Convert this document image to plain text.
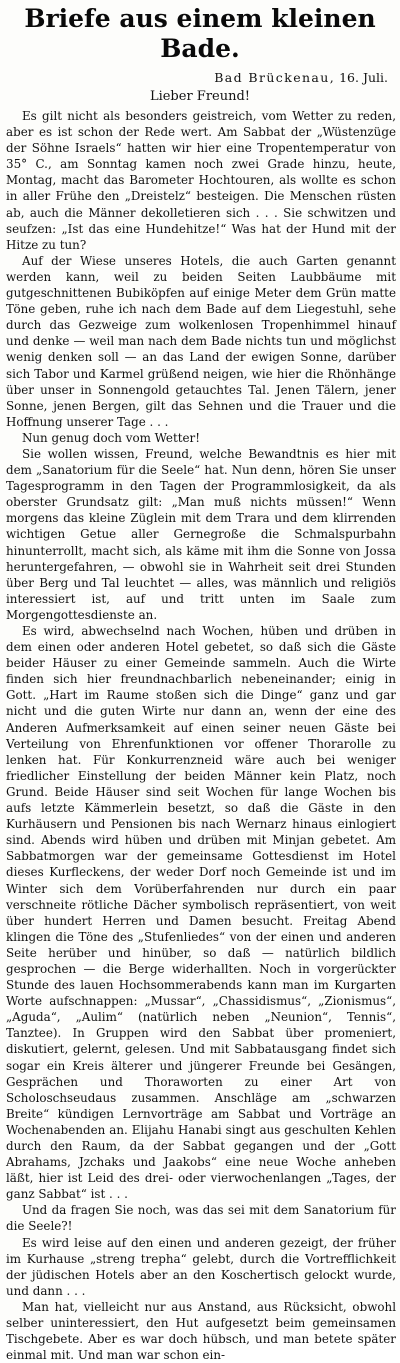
Briefe aus einem kleinen Bade.
Bad Brückenau, 16. Juli.
Lieber Freund!

Es gilt nicht als besonders geistreich, vom Wetter zu reden, aber es ist schon der Rede wert. Am Sabbat der „Wüstenzüge der Söhne Israels“ hatten wir hier eine Tropentemperatur von 35° C., am Sonntag kamen noch zwei Grade hinzu, heute, Montag, macht das Barometer Hochtouren, als wollte es schon in aller Frühe den „Dreistelz“ besteigen. Die Menschen rüsten ab, auch die Männer dekolletieren sich . . . Sie schwitzen und seufzen: „Ist das eine Hundehitze!“ Was hat der Hund mit der Hitze zu tun?

Auf der Wiese unseres Hotels, die auch Garten genannt werden kann, weil zu beiden Seiten Laubbäume mit gutgeschnittenen Bubiköpfen auf einige Meter dem Grün matte Töne geben, ruhe ich nach dem Bade auf dem Liegestuhl, sehe durch das Gezweige zum wolkenlosen Tropenhimmel hinauf und denke — weil man nach dem Bade nichts tun und möglichst wenig denken soll — an das Land der ewigen Sonne, darüber sich Tabor und Karmel grüßend neigen, wie hier die Rhönhänge über unser in Sonnengold getauchtes Tal. Jenen Tälern, jener Sonne, jenen Bergen, gilt das Sehnen und die Trauer und die Hoffnung unserer Tage . . .

Nun genug doch vom Wetter!

Sie wollen wissen, Freund, welche Bewandtnis es hier mit dem „Sanatorium für die Seele“ hat. Nun denn, hören Sie unser Tagesprogramm in den Tagen der Programmlosigkeit, da als oberster Grundsatz gilt: „Man muß nichts müssen!“ Wenn morgens das kleine Züglein mit dem Trara und dem klirrenden wichtigen Getue aller Gernegroße die Schmalspurbahn hinunterrollt, macht sich, als käme mit ihm die Sonne von Jossa heruntergefahren, — obwohl sie in Wahrheit seit drei Stunden über Berg und Tal leuchtet — alles, was männlich und religiös interessiert ist, auf und tritt unten im Saale zum Morgengottesdienste an.

Es wird, abwechselnd nach Wochen, hüben und drüben in dem einen oder anderen Hotel gebetet, so daß sich die Gäste beider Häuser zu einer Gemeinde sammeln. Auch die Wirte finden sich hier freundnachbarlich nebeneinander; einig in Gott. „Hart im Raume stoßen sich die Dinge“ ganz und gar nicht und die guten Wirte nur dann an, wenn der eine des Anderen Aufmerksamkeit auf einen seiner neuen Gäste bei Verteilung von Ehrenfunktionen vor offener Thorarolle zu lenken hat. Für Konkurrenzneid wäre auch bei weniger friedlicher Einstellung der beiden Männer kein Platz, noch Grund. Beide Häuser sind seit Wochen für lange Wochen bis aufs letzte Kämmerlein besetzt, so daß die Gäste in den Kurhäusern und Pensionen bis nach Wernarz hinaus einlogiert sind. Abends wird hüben und drüben mit Minjan gebetet. Am Sabbatmorgen war der gemeinsame Gottesdienst im Hotel dieses Kurfleckens, der weder Dorf noch Gemeinde ist und im Winter sich dem Vorüberfahrenden nur durch ein paar verschneite rötliche Dächer symbolisch repräsentiert, von weit über hundert Herren und Damen besucht. Freitag Abend klingen die Töne des „Stufenliedes“ von der einen und anderen Seite herüber und hinüber, so daß — natürlich bildlich gesprochen — die Berge widerhallten. Noch in vorgerückter Stunde des lauen Hochsommerabends kann man im Kurgarten Worte aufschnappen: „Mussar“, „Chassidismus“, „Zionismus“, „Aguda“, „Aulim“ (natürlich neben „Neunion“, Tennis“, Tanztee). In Gruppen wird den Sabbat über promeniert, diskutiert, gelernt, gelesen. Und mit Sabbatausgang findet sich sogar ein Kreis älterer und jüngerer Freunde bei Gesängen, Gesprächen und Thoraworten zu einer Art von Scholoschseudaus zusammen. Anschläge am „schwarzen Breite“ kündigen Lernvorträge am Sabbat und Vorträge an Wochenabenden an. Elijahu Hanabi singt aus geschulten Kehlen durch den Raum, da der Sabbat gegangen und der „Gott Abrahams, Jzchaks und Jaakobs“ eine neue Woche anheben läßt, hier ist Leid des drei- oder vierwochenlangen „Tages, der ganz Sabbat“ ist . . .

Und da fragen Sie noch, was das sei mit dem Sanatorium für die Seele?!

Es wird leise auf den einen und anderen gezeigt, der früher im Kurhause „streng trepha“ gelebt, durch die Vortrefflichkeit der jüdischen Hotels aber an den Koschertisch gelockt wurde, und dann . . .

Man hat, vielleicht nur aus Anstand, aus Rücksicht, obwohl selber uninteressiert, den Hut aufgesetzt beim gemeinsamen Tischgebete. Aber es war doch hübsch, und man betete später einmal mit. Und man war schon ein-
